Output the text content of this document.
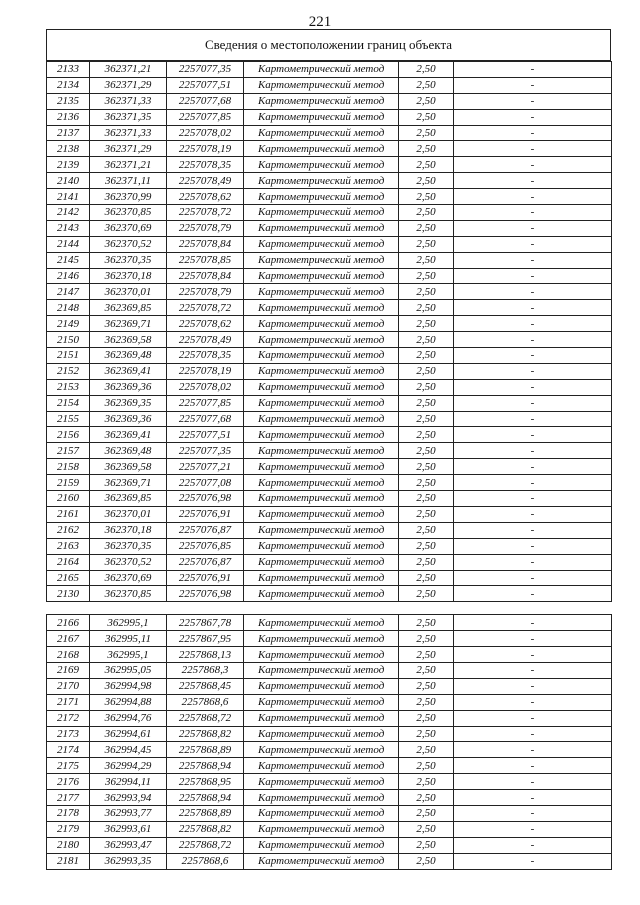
221
Сведения о местоположении границ объекта
2133	362371,21	2257077,35	Картометрический метод	2,50	-
2134	362371,29	2257077,51	Картометрический метод	2,50	-
2135	362371,33	2257077,68	Картометрический метод	2,50	-
2136	362371,35	2257077,85	Картометрический метод	2,50	-
2137	362371,33	2257078,02	Картометрический метод	2,50	-
2138	362371,29	2257078,19	Картометрический метод	2,50	-
2139	362371,21	2257078,35	Картометрический метод	2,50	-
2140	362371,11	2257078,49	Картометрический метод	2,50	-
2141	362370,99	2257078,62	Картометрический метод	2,50	-
2142	362370,85	2257078,72	Картометрический метод	2,50	-
2143	362370,69	2257078,79	Картометрический метод	2,50	-
2144	362370,52	2257078,84	Картометрический метод	2,50	-
2145	362370,35	2257078,85	Картометрический метод	2,50	-
2146	362370,18	2257078,84	Картометрический метод	2,50	-
2147	362370,01	2257078,79	Картометрический метод	2,50	-
2148	362369,85	2257078,72	Картометрический метод	2,50	-
2149	362369,71	2257078,62	Картометрический метод	2,50	-
2150	362369,58	2257078,49	Картометрический метод	2,50	-
2151	362369,48	2257078,35	Картометрический метод	2,50	-
2152	362369,41	2257078,19	Картометрический метод	2,50	-
2153	362369,36	2257078,02	Картометрический метод	2,50	-
2154	362369,35	2257077,85	Картометрический метод	2,50	-
2155	362369,36	2257077,68	Картометрический метод	2,50	-
2156	362369,41	2257077,51	Картометрический метод	2,50	-
2157	362369,48	2257077,35	Картометрический метод	2,50	-
2158	362369,58	2257077,21	Картометрический метод	2,50	-
2159	362369,71	2257077,08	Картометрический метод	2,50	-
2160	362369,85	2257076,98	Картометрический метод	2,50	-
2161	362370,01	2257076,91	Картометрический метод	2,50	-
2162	362370,18	2257076,87	Картометрический метод	2,50	-
2163	362370,35	2257076,85	Картометрический метод	2,50	-
2164	362370,52	2257076,87	Картометрический метод	2,50	-
2165	362370,69	2257076,91	Картометрический метод	2,50	-
2130	362370,85	2257076,98	Картометрический метод	2,50	-

2166	362995,1	2257867,78	Картометрический метод	2,50	-
2167	362995,11	2257867,95	Картометрический метод	2,50	-
2168	362995,1	2257868,13	Картометрический метод	2,50	-
2169	362995,05	2257868,3	Картометрический метод	2,50	-
2170	362994,98	2257868,45	Картометрический метод	2,50	-
2171	362994,88	2257868,6	Картометрический метод	2,50	-
2172	362994,76	2257868,72	Картометрический метод	2,50	-
2173	362994,61	2257868,82	Картометрический метод	2,50	-
2174	362994,45	2257868,89	Картометрический метод	2,50	-
2175	362994,29	2257868,94	Картометрический метод	2,50	-
2176	362994,11	2257868,95	Картометрический метод	2,50	-
2177	362993,94	2257868,94	Картометрический метод	2,50	-
2178	362993,77	2257868,89	Картометрический метод	2,50	-
2179	362993,61	2257868,82	Картометрический метод	2,50	-
2180	362993,47	2257868,72	Картометрический метод	2,50	-
2181	362993,35	2257868,6	Картометрический метод	2,50	-
